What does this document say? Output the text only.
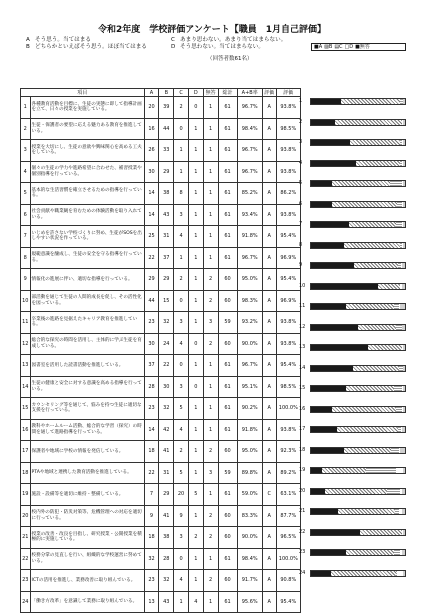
令和2年度　学校評価アンケート【職員　1月自己評価】
A そう思う。当てはまる
B どちらかといえばそう思う。ほぼ当てはまる
C あまり思わない。あまり当てはまらない。
D そう思わない。当てはまらない。
（回答者数61名）
■A ▨B ▤C □D ■無答
項目		A	B	C	D	無答	総計	A+B率	評価	評価
1	各種教育活動を目標に、生徒の実態に即して指導計画を立て、日々の授業を実施している。	20	39	2	0	1	61	96.7%	A	93.8%
2	生徒・保護者の要望に応える魅力ある教育を推進している。	16	44	0	1	1	61	98.4%	A	98.5%
3	授業を大切にし、生徒の意欲や興味関心を高める工夫をしている。	26	33	1	1	1	61	96.7%	A	93.8%
4	個々の生徒の学力や進路希望に合わせた、補習授業や個別指導を行っている。	30	29	1	1	1	61	96.7%	A	93.8%
5	基本的な生活習慣を確立させるための指導を行っている。	14	38	8	1	1	61	85.2%	A	86.2%
6	社会貢献や職業観を育むための体験活動を取り入れている。	14	43	3	1	1	61	93.4%	A	93.8%
7	いじめを許さない学校づくりに努め、生徒がSOSを出しやすい状況を作っている。	25	31	4	1	1	61	91.8%	A	95.4%
8	規範意識を醸成し、生徒の安全を守る指導を行っている。	22	37	1	1	1	61	96.7%	A	96.9%
9	情報化の進展に伴い、適切な指導を行っている。	29	29	2	1	2	60	95.0%	A	95.4%
10	部活動を通じて生徒の人間的成長を促し、その活性化を図っている。	44	15	0	1	2	60	98.3%	A	96.9%
11	卒業後の進路を見据えたキャリア教育を推進している。	23	32	3	1	3	59	93.2%	A	93.8%
12	総合的な探究の時間を活用し、主体的に学ぶ生徒を育成している。	30	24	4	0	2	60	90.0%	A	93.8%
13	図書室を活用した読書活動を推進している。	37	22	0	1	1	61	96.7%	A	95.4%
14	生徒の健康と安全に対する意識を高める指導を行っている。	28	30	3	0	1	61	95.1%	A	98.5%
15	カウンセリング等を通じて、悩みを持つ生徒に適切な支援を行っている。	23	32	5	1	1	61	90.2%	A	100.0%
16	教科やホームルーム活動、総合的な学習（探究）の時間を通して進路指導を行っている。	14	42	4	1	1	61	91.8%	A	93.8%
17	保護者や地域に学校の情報を発信している。	18	41	2	1	2	60	95.0%	A	92.3%
18	PTAや地域と連携した教育活動を推進している。	22	31	5	1	3	59	89.8%	A	89.2%
19	施設・設備等を適切に維持・整備している。	7	29	20	5	1	61	59.0%	C	63.1%
20	校内外の防犯・防災対策等、危機管理への対応を適切に行っている。	9	41	9	1	2	60	83.3%	A	87.7%
21	授業の改善・改良を目指し、研究授業・公開授業を積極的に実施している。	18	38	3	2	2	60	90.0%	A	96.5%
22	校務分掌の見直しを行い、組織的な学校運営に努めている。	32	28	0	1	1	61	98.4%	A	100.0%
23	ICTの活用を推進し、業務改善に取り組んでいる。	23	32	4	1	2	60	91.7%	A	90.8%
24	「働き方改革」を意識して業務に取り組んでいる。	13	43	1	4	1	61	95.6%	A	95.4%
1
2
3
4
5
6
7
8
9
10
11
12
13
14
15
16
17
18
19
20
21
22
23
24
